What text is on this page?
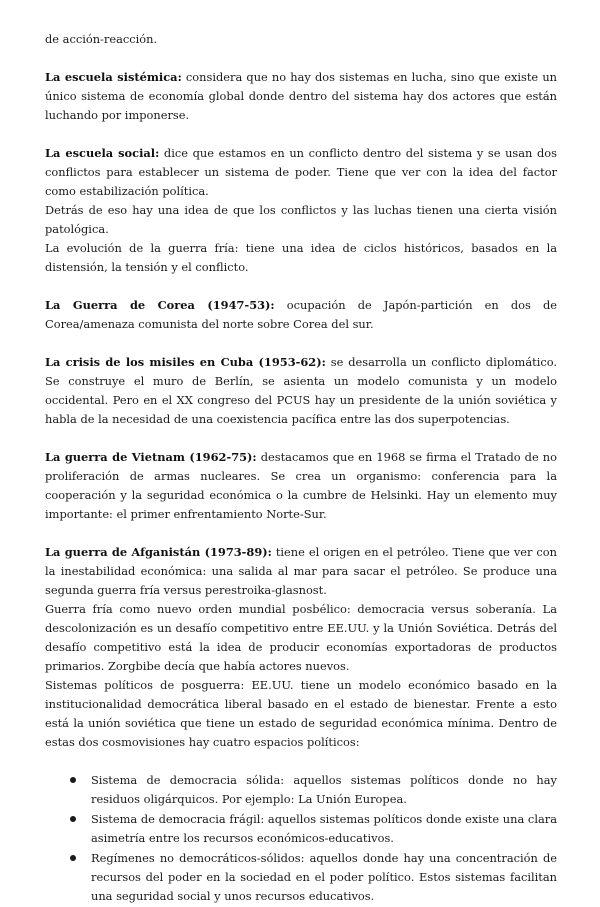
de acción-reacción.

La escuela sistémica: considera que no hay dos sistemas en lucha, sino que existe un único sistema de economía global donde dentro del sistema hay dos actores que están luchando por imponerse.

La escuela social: dice que estamos en un conflicto dentro del sistema y se usan dos conflictos para establecer un sistema de poder. Tiene que ver con la idea del factor como estabilización política.

Detrás de eso hay una idea de que los conflictos y las luchas tienen una cierta visión patológica.

La evolución de la guerra fría: tiene una idea de ciclos históricos, basados en la distensión, la tensión y el conflicto.

La Guerra de Corea (1947-53): ocupación de Japón-partición en dos de Corea/amenaza comunista del norte sobre Corea del sur.

La crisis de los misiles en Cuba (1953-62): se desarrolla un conflicto diplomático. Se construye el muro de Berlín, se asienta un modelo comunista y un modelo occidental. Pero en el XX congreso del PCUS hay un presidente de la unión soviética y habla de la necesidad de una coexistencia pacífica entre las dos superpotencias.

La guerra de Vietnam (1962-75): destacamos que en 1968 se firma el Tratado de no proliferación de armas nucleares. Se crea un organismo: conferencia para la cooperación y la seguridad económica o la cumbre de Helsinki. Hay un elemento muy importante: el primer enfrentamiento Norte-Sur.

La guerra de Afganistán (1973-89): tiene el origen en el petróleo. Tiene que ver con la inestabilidad económica: una salida al mar para sacar el petróleo. Se produce una segunda guerra fría versus perestroika-glasnost.

Guerra fría como nuevo orden mundial posbélico: democracia versus soberanía. La descolonización es un desafío competitivo entre EE.UU. y la Unión Soviética. Detrás del desafío competitivo está la idea de producir economías exportadoras de productos primarios. Zorgbibe decía que había actores nuevos.

Sistemas políticos de posguerra: EE.UU. tiene un modelo económico basado en la institucionalidad democrática liberal basado en el estado de bienestar. Frente a esto está la unión soviética que tiene un estado de seguridad económica mínima. Dentro de estas dos cosmovisiones hay cuatro espacios políticos:

Sistema de democracia sólida: aquellos sistemas políticos donde no hay residuos oligárquicos. Por ejemplo: La Unión Europea.
Sistema de democracia frágil: aquellos sistemas políticos donde existe una clara asimetría entre los recursos económicos-educativos.
Regímenes no democráticos-sólidos: aquellos donde hay una concentración de recursos del poder en la sociedad en el poder político. Estos sistemas facilitan una seguridad social y unos recursos educativos.
